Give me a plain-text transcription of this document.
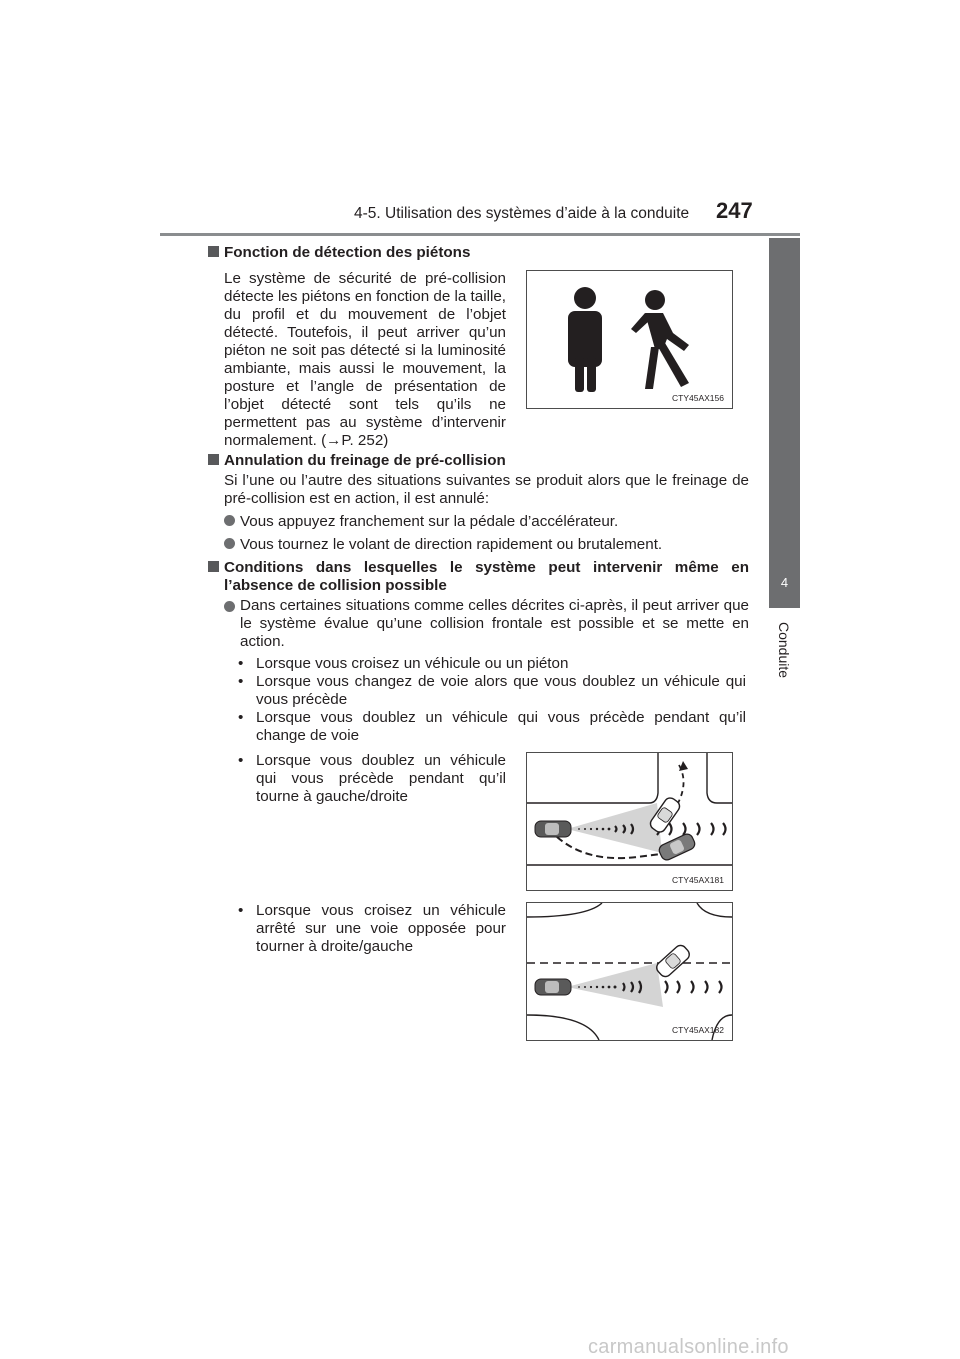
4-5. Utilisation des systèmes d’aide à la conduite 247
4
Conduite
Fonction de détection des piétons
Le système de sécurité de pré-collision détecte les piétons en fonction de la taille, du profil et du mouvement de l’objet détecté. Toutefois, il peut arriver qu’un piéton ne soit pas détecté si la luminosité ambiante, mais aussi le mouvement, la posture et l’angle de présentation de l’objet détecté sont tels qu’ils ne permettent pas au système d’intervenir normalement. (→P. 252)
CTY45AX156
Annulation du freinage de pré-collision
Si l’une ou l’autre des situations suivantes se produit alors que le freinage de pré-collision est en action, il est annulé:
Vous appuyez franchement sur la pédale d’accélérateur.
Vous tournez le volant de direction rapidement ou brutalement.
Conditions dans lesquelles le système peut intervenir même en l’absence de collision possible
Dans certaines situations comme celles décrites ci-après, il peut arriver que le système évalue qu’une collision frontale est possible et se mette en action.
• Lorsque vous croisez un véhicule ou un piéton
• Lorsque vous changez de voie alors que vous doublez un véhicule qui vous précède
• Lorsque vous doublez un véhicule qui vous précède pendant qu’il change de voie
• Lorsque vous doublez un véhicule qui vous précède pendant qu’il tourne à gauche/droite
CTY45AX181
• Lorsque vous croisez un véhicule arrêté sur une voie opposée pour tourner à droite/gauche
CTY45AX182
carmanualsonline.info
